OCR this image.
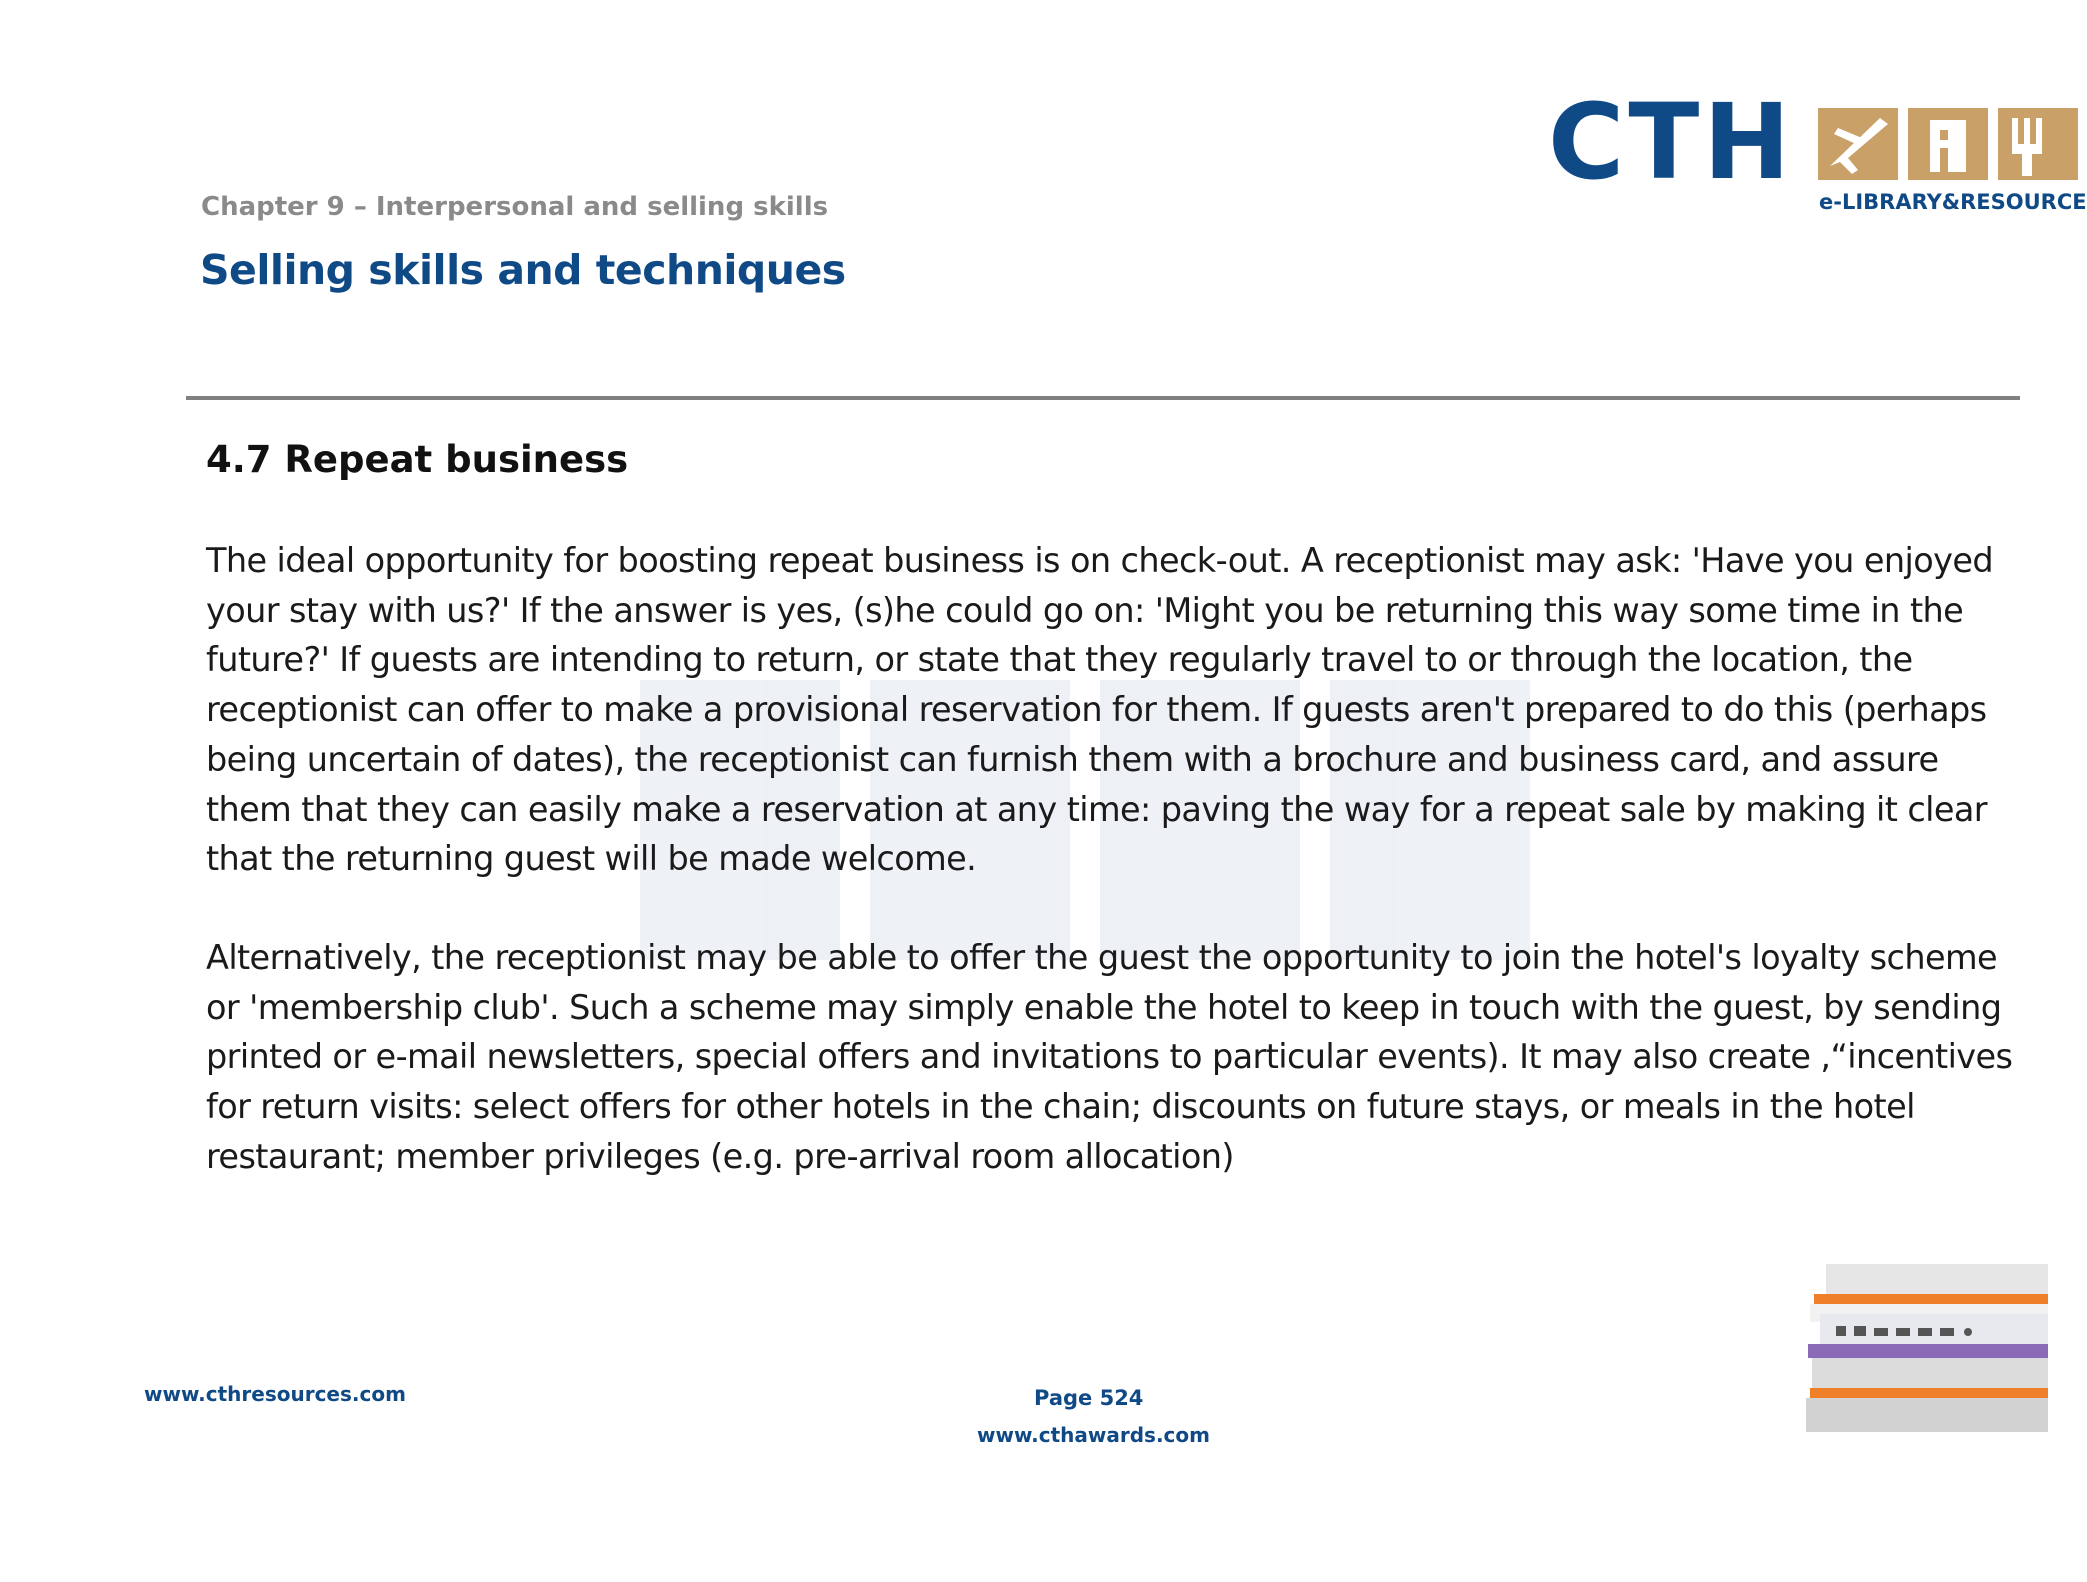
Chapter 9 – Interpersonal and selling skills
Selling skills and techniques
CTH e-LIBRARY&RESOURCE
4.7 Repeat business

The ideal opportunity for boosting repeat business is on check-out. A receptionist may ask: 'Have you enjoyed your stay with us?' If the answer is yes, (s)he could go on: 'Might you be returning this way some time in the future?' If guests are intending to return, or state that they regularly travel to or through the location, the receptionist can offer to make a provisional reservation for them. If guests aren't prepared to do this (perhaps being uncertain of dates), the receptionist can furnish them with a brochure and business card, and assure them that they can easily make a reservation at any time: paving the way for a repeat sale by making it clear that the returning guest will be made welcome.

Alternatively, the receptionist may be able to offer the guest the opportunity to join the hotel's loyalty scheme or 'membership club'. Such a scheme may simply enable the hotel to keep in touch with the guest, by sending printed or e-mail newsletters, special offers and invitations to particular events). It may also create ,“incentives for return visits: select offers for other hotels in the chain; discounts on future stays, or meals in the hotel restaurant; member privileges (e.g. pre-arrival room allocation)

www.cthresources.com	Page 524
www.cthawards.com
